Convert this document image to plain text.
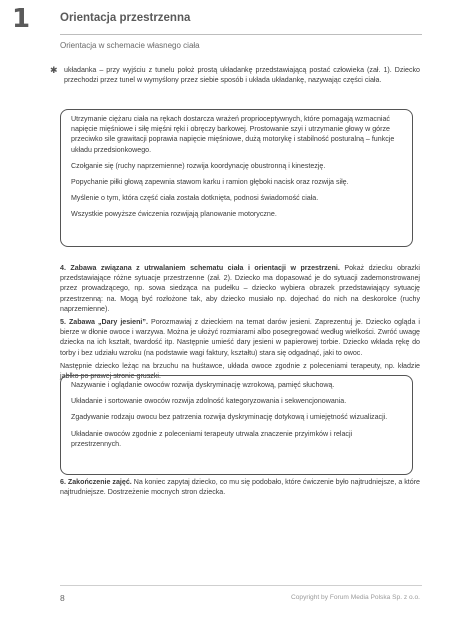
1	Orientacja przestrzenna
Orientacja w schemacie własnego ciała
✱ układanka – przy wyjściu z tunelu położ prostą układankę przedstawiającą postać człowieka (zał. 1). Dziecko przechodzi przez tunel w wymyślony przez siebie sposób i układa układankę, nazywając części ciała.

Utrzymanie ciężaru ciała na rękach dostarcza wrażeń proprioceptywnych, które pomagają wzmacniać napięcie mięśniowe i siłę mięśni ręki i obręczy barkowej. Prostowanie szyi i utrzymanie głowy w górze przeciwko sile grawitacji poprawia napięcie mięśniowe, dużą motorykę i stabilność posturalną – funkcje układu przedsionkowego.

Czołganie się (ruchy naprzemienne) rozwija koordynację obustronną i kinestezję.

Popychanie piłki głową zapewnia stawom karku i ramion głęboki nacisk oraz rozwija siłę.

Myślenie o tym, która część ciała została dotknięta, podnosi świadomość ciała.

Wszystkie powyższe ćwiczenia rozwijają planowanie motoryczne.

4. Zabawa związana z utrwalaniem schematu ciała i orientacji w przestrzeni. Pokaż dziecku obrazki przedstawiające różne sytuacje przestrzenne (zał. 2). Dziecko ma dopasować je do sytuacji zademonstrowanej przez prowadzącego, np. sowa siedząca na pudełku – dziecko wybiera obrazek przedstawiający sytuację przestrzenną: na. Mogą być rozłożone tak, aby dziecko musiało np. dojechać do nich na deskorolce (ruchy naprzemienne).

5. Zabawa „Dary jesieni”. Porozmawiaj z dzieckiem na temat darów jesieni. Zaprezentuj je. Dziecko ogląda i bierze w dłonie owoce i warzywa. Można je ułożyć rozmiarami albo posegregować według wielkości. Zwróć uwagę dziecka na ich kształt, twardość itp. Następnie umieść dary jesieni w papierowej torbie. Dziecko wkłada rękę do torby i bez udziału wzroku (na podstawie wagi faktury, kształtu) stara się odgadnąć, jaki to owoc.

Następnie dziecko leżąc na brzuchu na huśtawce, układa owoce zgodnie z poleceniami terapeuty, np. kładzie jabłko po prawej stronie gruszki.

Nazywanie i oglądanie owoców rozwija dyskryminację wzrokową, pamięć słuchową.

Układanie i sortowanie owoców rozwija zdolność kategoryzowania i sekwencjonowania.

Zgadywanie rodzaju owocu bez patrzenia rozwija dyskryminację dotykową i umiejętność wizualizacji.

Układanie owoców zgodnie z poleceniami terapeuty utrwala znaczenie przyimków i relacji przestrzennych.

6. Zakończenie zajęć. Na koniec zapytaj dziecko, co mu się podobało, które ćwiczenie było najtrudniejsze, a które najtrudniejsze. Dostrzeżenie mocnych stron dziecka.

8	Copyright by Forum Media Polska Sp. z o.o.
